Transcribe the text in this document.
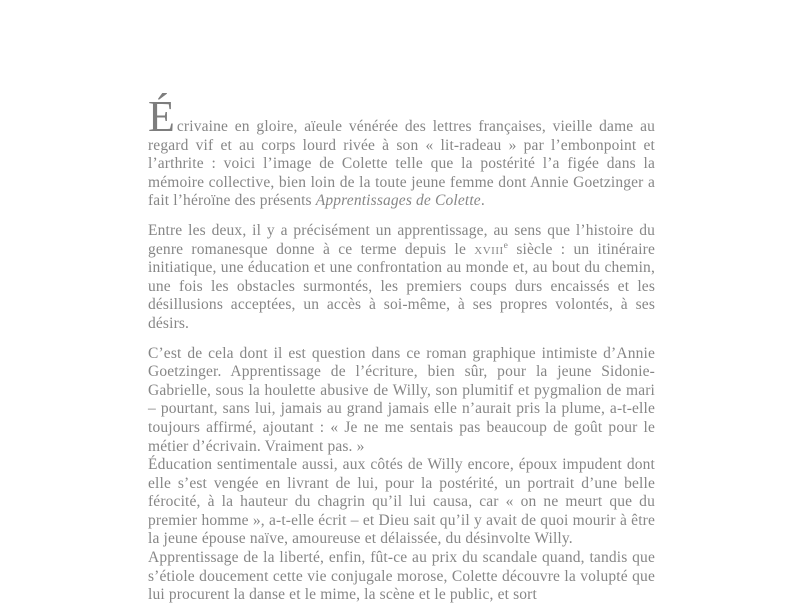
Écrivaine en gloire, aïeule vénérée des lettres françaises, vieille dame au regard vif et au corps lourd rivée à son « lit-radeau » par l’embonpoint et l’arthrite : voici l’image de Colette telle que la postérité l’a figée dans la mémoire collective, bien loin de la toute jeune femme dont Annie Goetzinger a fait l’héroïne des présents Apprentissages de Colette.

Entre les deux, il y a précisément un apprentissage, au sens que l’histoire du genre romanesque donne à ce terme depuis le xviii$^e$ siècle : un itinéraire initiatique, une éducation et une confrontation au monde et, au bout du chemin, une fois les obstacles surmontés, les premiers coups durs encaissés et les désillusions acceptées, un accès à soi-même, à ses propres volontés, à ses désirs.

C’est de cela dont il est question dans ce roman graphique intimiste d’Annie Goetzinger. Apprentissage de l’écriture, bien sûr, pour la jeune Sidonie-Gabrielle, sous la houlette abusive de Willy, son plumitif et pygmalion de mari – pourtant, sans lui, jamais au grand jamais elle n’aurait pris la plume, a-t-elle toujours affirmé, ajoutant : « Je ne me sentais pas beaucoup de goût pour le métier d’écrivain. Vraiment pas. »

Éducation sentimentale aussi, aux côtés de Willy encore, époux impudent dont elle s’est vengée en livrant de lui, pour la postérité, un portrait d’une belle férocité, à la hauteur du chagrin qu’il lui causa, car « on ne meurt que du premier homme », a-t-elle écrit – et Dieu sait qu’il y avait de quoi mourir à être la jeune épouse naïve, amoureuse et délaissée, du désinvolte Willy.

Apprentissage de la liberté, enfin, fût-ce au prix du scandale quand, tandis que s’étiole doucement cette vie conjugale morose, Colette découvre la volupté que lui procurent la danse et le mime, la scène et le public, et sort
